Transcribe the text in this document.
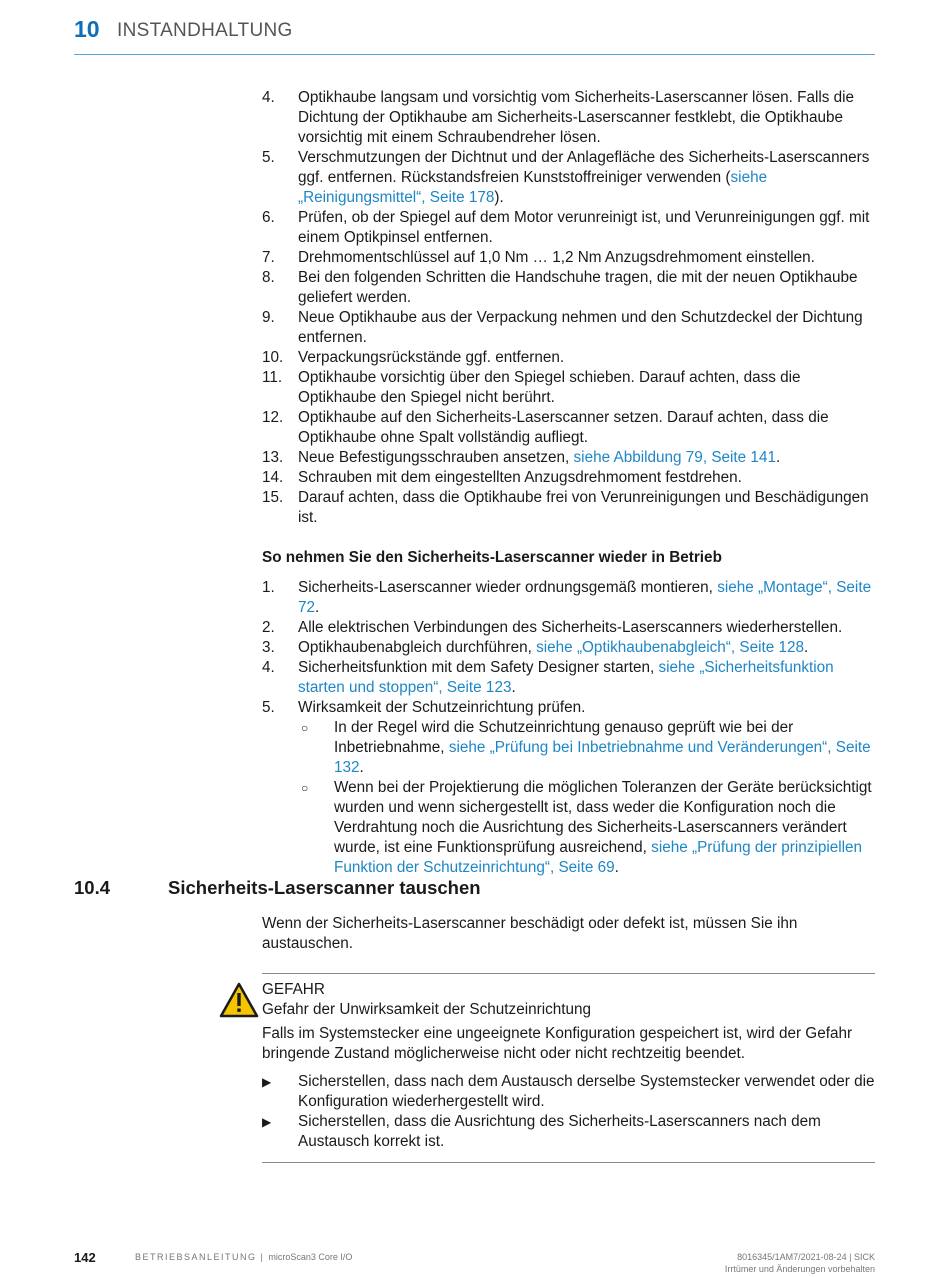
10 INSTANDHALTUNG
4. Optikhaube langsam und vorsichtig vom Sicherheits-Laserscanner lösen. Falls die Dichtung der Optikhaube am Sicherheits-Laserscanner festklebt, die Optikhaube vorsichtig mit einem Schraubendreher lösen.
5. Verschmutzungen der Dichtnut und der Anlagefläche des Sicherheits-Laserscanners ggf. entfernen. Rückstandsfreien Kunststoffreiniger verwenden (siehe „Reinigungsmittel“, Seite 178).
6. Prüfen, ob der Spiegel auf dem Motor verunreinigt ist, und Verunreinigungen ggf. mit einem Optikpinsel entfernen.
7. Drehmomentschlüssel auf 1,0 Nm … 1,2 Nm Anzugsdrehmoment einstellen.
8. Bei den folgenden Schritten die Handschuhe tragen, die mit der neuen Optikhaube geliefert werden.
9. Neue Optikhaube aus der Verpackung nehmen und den Schutzdeckel der Dichtung entfernen.
10. Verpackungsrückstände ggf. entfernen.
11. Optikhaube vorsichtig über den Spiegel schieben. Darauf achten, dass die Optikhaube den Spiegel nicht berührt.
12. Optikhaube auf den Sicherheits-Laserscanner setzen. Darauf achten, dass die Optikhaube ohne Spalt vollständig aufliegt.
13. Neue Befestigungsschrauben ansetzen, siehe Abbildung 79, Seite 141.
14. Schrauben mit dem eingestellten Anzugsdrehmoment festdrehen.
15. Darauf achten, dass die Optikhaube frei von Verunreinigungen und Beschädigungen ist.
So nehmen Sie den Sicherheits-Laserscanner wieder in Betrieb
1. Sicherheits-Laserscanner wieder ordnungsgemäß montieren, siehe „Montage“, Seite 72.
2. Alle elektrischen Verbindungen des Sicherheits-Laserscanners wiederherstellen.
3. Optikhaubenabgleich durchführen, siehe „Optikhaubenabgleich“, Seite 128.
4. Sicherheitsfunktion mit dem Safety Designer starten, siehe „Sicherheitsfunktion starten und stoppen“, Seite 123.
5. Wirksamkeit der Schutzeinrichtung prüfen.
○ In der Regel wird die Schutzeinrichtung genauso geprüft wie bei der Inbetriebnahme, siehe „Prüfung bei Inbetriebnahme und Veränderungen“, Seite 132.
○ Wenn bei der Projektierung die möglichen Toleranzen der Geräte berücksichtigt wurden und wenn sichergestellt ist, dass weder die Konfiguration noch die Verdrahtung noch die Ausrichtung des Sicherheits-Laserscanners verändert wurde, ist eine Funktionsprüfung ausreichend, siehe „Prüfung der prinzipiellen Funktion der Schutzeinrichtung“, Seite 69.
10.4	Sicherheits-Laserscanner tauschen
Wenn der Sicherheits-Laserscanner beschädigt oder defekt ist, müssen Sie ihn austauschen.
GEFAHR
Gefahr der Unwirksamkeit der Schutzeinrichtung
Falls im Systemstecker eine ungeeignete Konfiguration gespeichert ist, wird der Gefahr bringende Zustand möglicherweise nicht oder nicht rechtzeitig beendet.
▶ Sicherstellen, dass nach dem Austausch derselbe Systemstecker verwendet oder die Konfiguration wiederhergestellt wird.
▶ Sicherstellen, dass die Ausrichtung des Sicherheits-Laserscanners nach dem Austausch korrekt ist.
142	BETRIEBSANLEITUNG | microScan3 Core I/O	8016345/1AM7/2021-08-24 | SICK
Irrtümer und Änderungen vorbehalten
